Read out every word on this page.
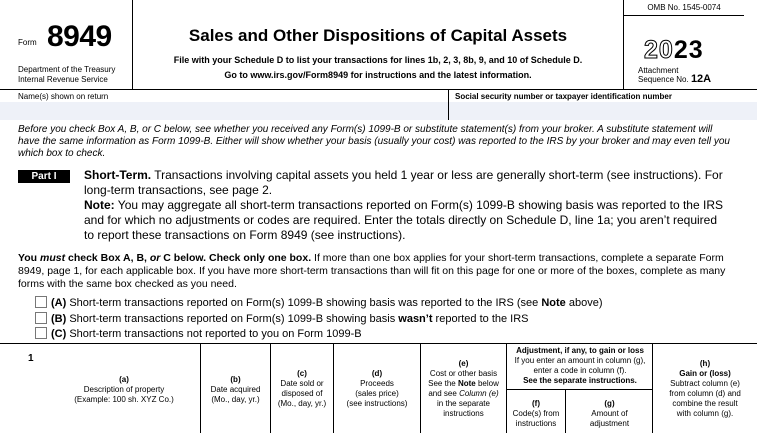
Form 8949
Department of the Treasury
Internal Revenue Service
Sales and Other Dispositions of Capital Assets
File with your Schedule D to list your transactions for lines 1b, 2, 3, 8b, 9, and 10 of Schedule D.
Go to www.irs.gov/Form8949 for instructions and the latest information.
OMB No. 1545-0074
2023
Attachment
Sequence No. 12A
Name(s) shown on return	Social security number or taxpayer identification number
Before you check Box A, B, or C below, see whether you received any Form(s) 1099-B or substitute statement(s) from your broker. A substitute statement will have the same information as Form 1099-B. Either will show whether your basis (usually your cost) was reported to the IRS by your broker and may even tell you which box to check.
Part I	Short-Term. Transactions involving capital assets you held 1 year or less are generally short-term (see instructions). For long-term transactions, see page 2.
Note: You may aggregate all short-term transactions reported on Form(s) 1099-B showing basis was reported to the IRS and for which no adjustments or codes are required. Enter the totals directly on Schedule D, line 1a; you aren’t required to report these transactions on Form 8949 (see instructions).
You must check Box A, B, or C below. Check only one box. If more than one box applies for your short-term transactions, complete a separate Form 8949, page 1, for each applicable box. If you have more short-term transactions than will fit on this page for one or more of the boxes, complete as many forms with the same box checked as you need.
(A) Short-term transactions reported on Form(s) 1099-B showing basis was reported to the IRS (see Note above)
(B) Short-term transactions reported on Form(s) 1099-B showing basis wasn’t reported to the IRS
(C) Short-term transactions not reported to you on Form 1099-B
1
(a)
Description of property
(Example: 100 sh. XYZ Co.)
(b)
Date acquired
(Mo., day, yr.)
(c)
Date sold or
disposed of
(Mo., day, yr.)
(d)
Proceeds
(sales price)
(see instructions)
(e)
Cost or other basis
See the Note below
and see Column (e)
in the separate
instructions
Adjustment, if any, to gain or loss
If you enter an amount in column (g),
enter a code in column (f).
See the separate instructions.
(f)
Code(s) from
instructions
(g)
Amount of
adjustment
(h)
Gain or (loss)
Subtract column (e)
from column (d) and
combine the result
with column (g).
